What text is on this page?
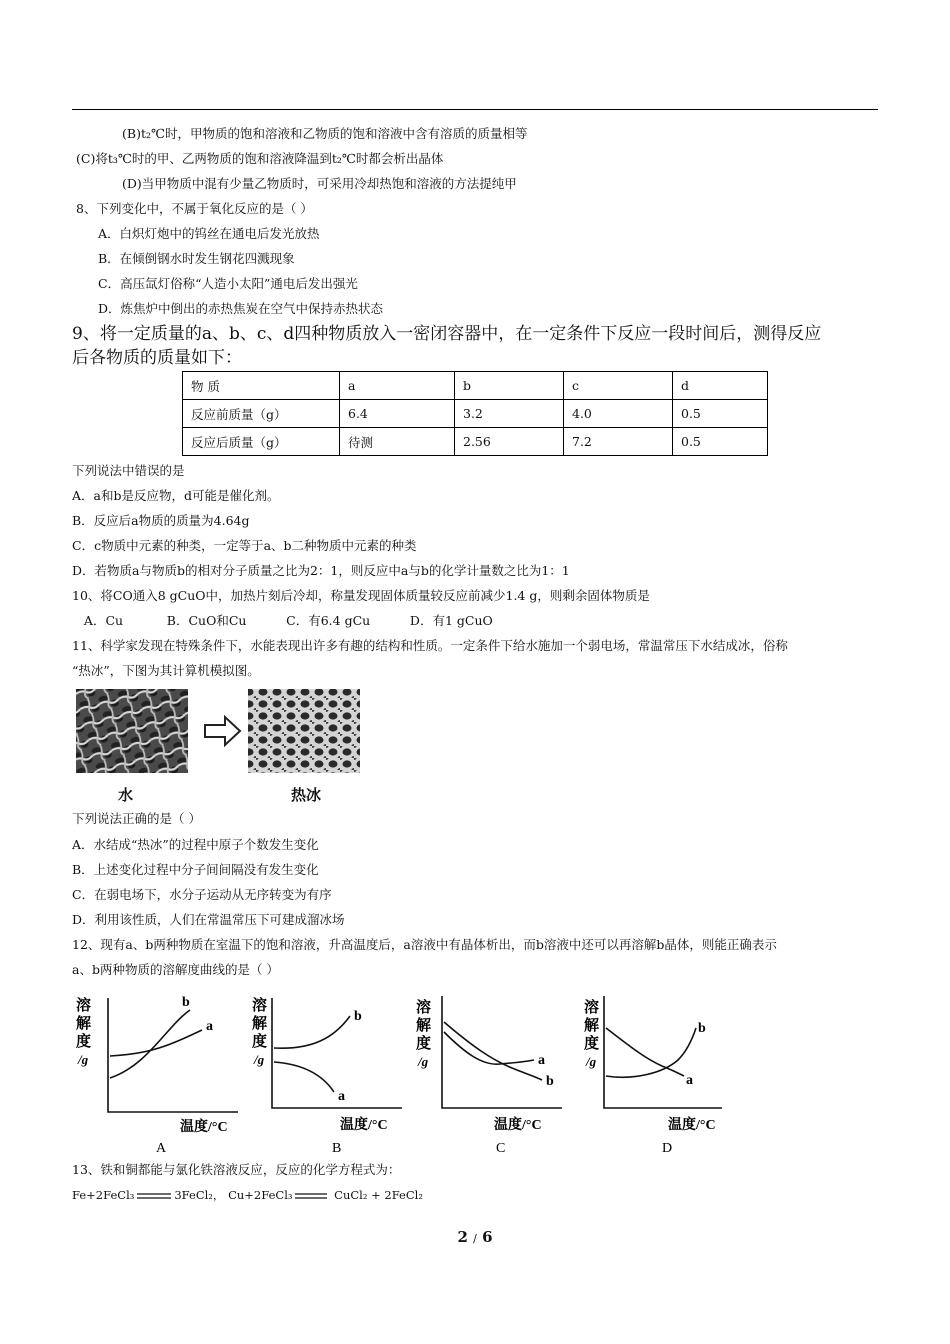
(B)t₂℃时，甲物质的饱和溶液和乙物质的饱和溶液中含有溶质的质量相等
(C)将t₃℃时的甲、乙两物质的饱和溶液降温到t₂℃时都会析出晶体
(D)当甲物质中混有少量乙物质时，可采用冷却热饱和溶液的方法提纯甲
8、下列变化中，不属于氧化反应的是（ ）
A．白炽灯炮中的钨丝在通电后发光放热
B．在倾倒钢水时发生钢花四溅现象
C．高压氙灯俗称“人造小太阳”通电后发出强光
D．炼焦炉中倒出的赤热焦炭在空气中保持赤热状态
9、将一定质量的a、b、c、d四种物质放入一密闭容器中，在一定条件下反应一段时间后，测得反应
后各物质的质量如下：
物 质	a	b	c	d
反应前质量（g）	6.4	3.2	4.0	0.5
反应后质量（g）	待测	2.56	7.2	0.5
下列说法中错误的是
A．a和b是反应物，d可能是催化剂。
B．反应后a物质的质量为4.64g
C．c物质中元素的种类，一定等于a、b二种物质中元素的种类
D．若物质a与物质b的相对分子质量之比为2：1，则反应中a与b的化学计量数之比为1：1
10、将CO通入8 gCuO中，加热片刻后冷却，称量发现固体质量较反应前减少1.4 g，则剩余固体物质是
A．Cu           B．CuO和Cu          C．有6.4 gCu          D．有1 gCuO
11、科学家发现在特殊条件下，水能表现出许多有趣的结构和性质。一定条件下给水施加一个弱电场，常温常压下水结成冰，俗称
“热冰”，下图为其计算机模拟图。
水	热冰
下列说法正确的是（ ）
A．水结成“热冰”的过程中原子个数发生变化
B．上述变化过程中分子间间隔没有发生变化
C．在弱电场下，水分子运动从无序转变为有序
D．利用该性质，人们在常温常压下可建成溜冰场
12、现有a、b两种物质在室温下的饱和溶液，升高温度后，a溶液中有晶体析出，而b溶液中还可以再溶解b晶体，则能正确表示
a、b两种物质的溶解度曲线的是（ ）
溶
解
度
/g
b
a
温度/°C
A
溶
解
度
/g
b
a
温度/°C
B
溶
解
度
/g	a
b
温度/°C
C
溶
解
度
/g
b
a
温度/°C
D
13、铁和铜都能与氯化铁溶液反应，反应的化学方程式为：
Fe+2FeCl₃	3FeCl₂， Cu+2FeCl₃	CuCl₂ + 2FeCl₂
2 / 6
